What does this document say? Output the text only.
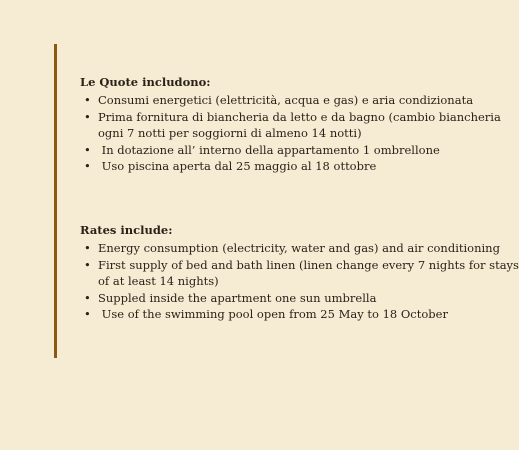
Le Quote includono:

• Consumi energetici (elettricità, acqua e gas) e aria condizionata
• Prima fornitura di biancheria da letto e da bagno (cambio biancheria
ogni 7 notti per soggiorni di almeno 14 notti)
• In dotazione all’ interno della appartamento 1 ombrellone
• Uso piscina aperta dal 25 maggio al 18 ottobre

Rates include:

• Energy consumption (electricity, water and gas) and air conditioning
• First supply of bed and bath linen (linen change every 7 nights for stays
of at least 14 nights)
• Suppled inside the apartment one sun umbrella
• Use of the swimming pool open from 25 May to 18 October
